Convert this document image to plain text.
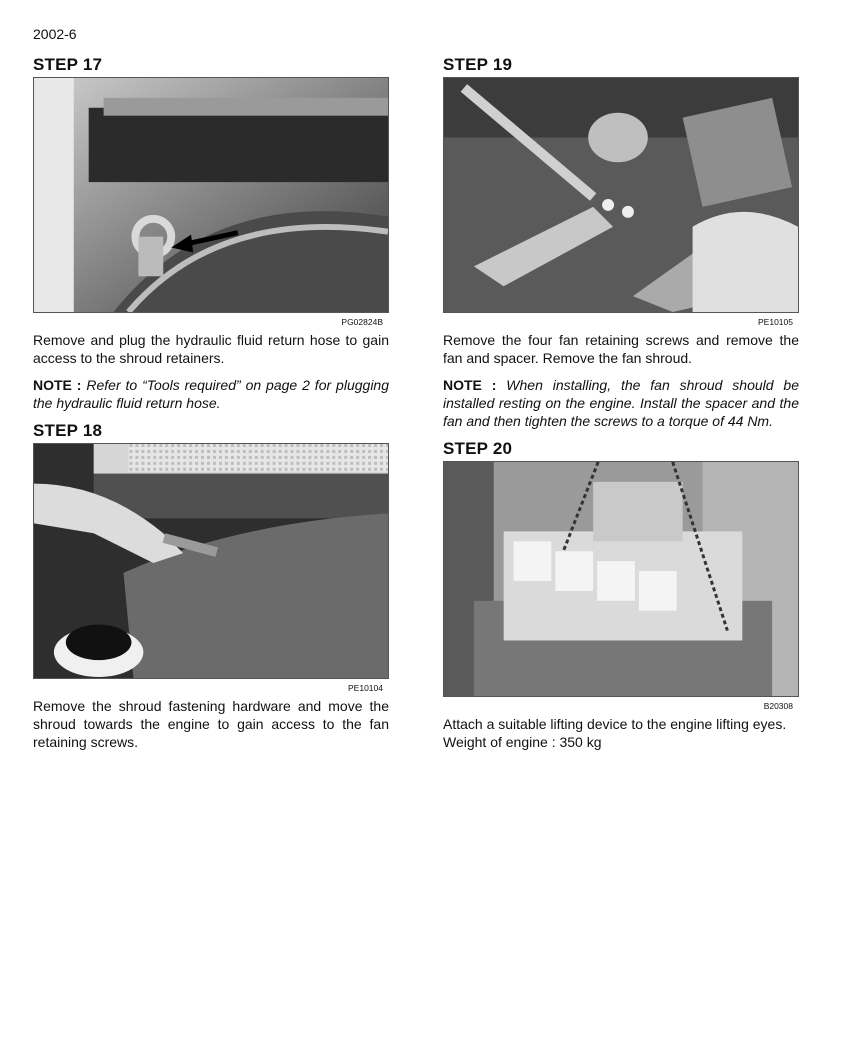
2002-6
STEP 17
PG02824B
Remove and plug the hydraulic fluid return hose to gain access to the shroud retainers.
NOTE : Refer to “Tools required” on page 2 for plugging the hydraulic fluid return hose.
STEP 18
PE10104
Remove the shroud fastening hardware and move the shroud towards the engine to gain access to the fan retaining screws.
STEP 19
PE10105
Remove the four fan retaining screws and remove the fan and spacer. Remove the fan shroud.
NOTE : When installing, the fan shroud should be installed resting on the engine. Install the spacer and the fan and then tighten the screws to a torque of 44 Nm.
STEP 20
B20308
Attach a suitable lifting device to the engine lifting eyes.
Weight of engine : 350 kg
